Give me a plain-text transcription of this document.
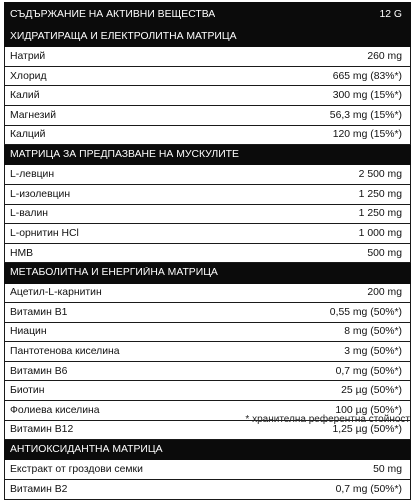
СЪДЪРЖАНИЕ НА АКТИВНИ ВЕЩЕСТВА	12 G
ХИДРАТИРАЩА И ЕЛЕКТРОЛИТНА МАТРИЦА
Натрий	260 mg
Хлорид	665 mg (83%*)
Калий	300 mg (15%*)
Магнезий	56,3 mg (15%*)
Калций	120 mg (15%*)
МАТРИЦА ЗА ПРЕДПАЗВАНЕ НА МУСКУЛИТЕ
L-левцин	2 500 mg
L-изолевцин	1 250 mg
L-валин	1 250 mg
L-орнитин HCl	1 000 mg
HMB	500 mg
МЕТАБОЛИТНА И ЕНЕРГИЙНА МАТРИЦА
Ацетил-L-карнитин	200 mg
Витамин B1	0,55 mg (50%*)
Ниацин	8 mg (50%*)
Пантотенова киселина	3 mg (50%*)
Витамин B6	0,7 mg (50%*)
Биотин	25 µg (50%*)
Фолиева киселина	100 µg (50%*)
Витамин B12	1,25 µg (50%*)
АНТИОКСИДАНТНА МАТРИЦА
Екстракт от гроздови семки	50 mg
Витамин B2	0,7 mg (50%*)
* хранителна референтна стойност
